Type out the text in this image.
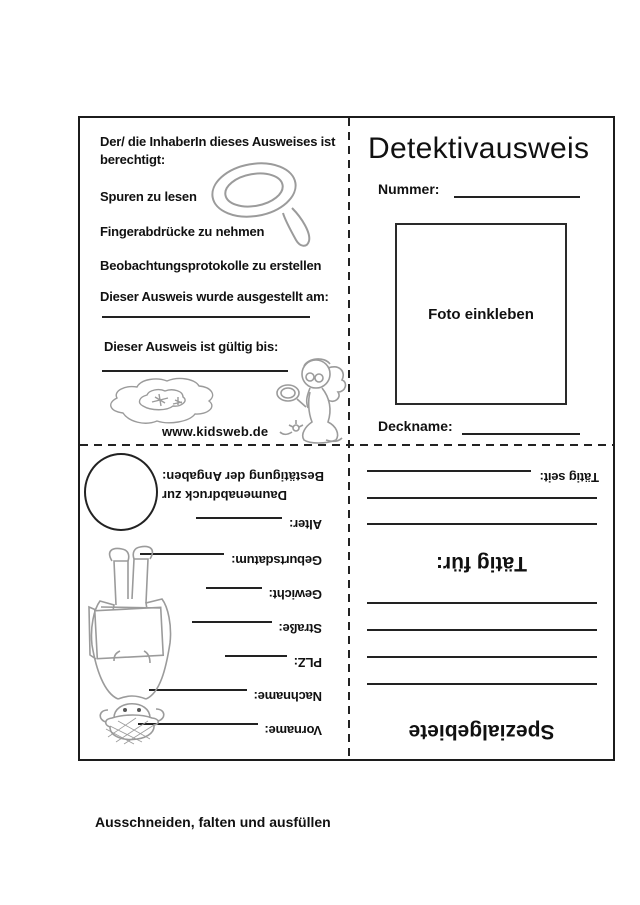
Der/ die InhaberIn dieses Ausweises ist
berechtigt:
Spuren zu lesen
Fingerabdrücke zu nehmen
Beobachtungsprotokolle zu erstellen
Dieser Ausweis wurde ausgestellt am:
Dieser Ausweis ist gültig bis:
www.kidsweb.de
Detektivausweis
Nummer:
Foto einkleben
Deckname:
Vorname:
Nachname:
PLZ:
Straße:
Gewicht:
Geburtsdatum:
Alter:
Daumenabdruck zur
Bestätigung der Angaben:
Spezialgebiete
Tätig für:
Tätig seit:

Ausschneiden, falten und ausfüllen
